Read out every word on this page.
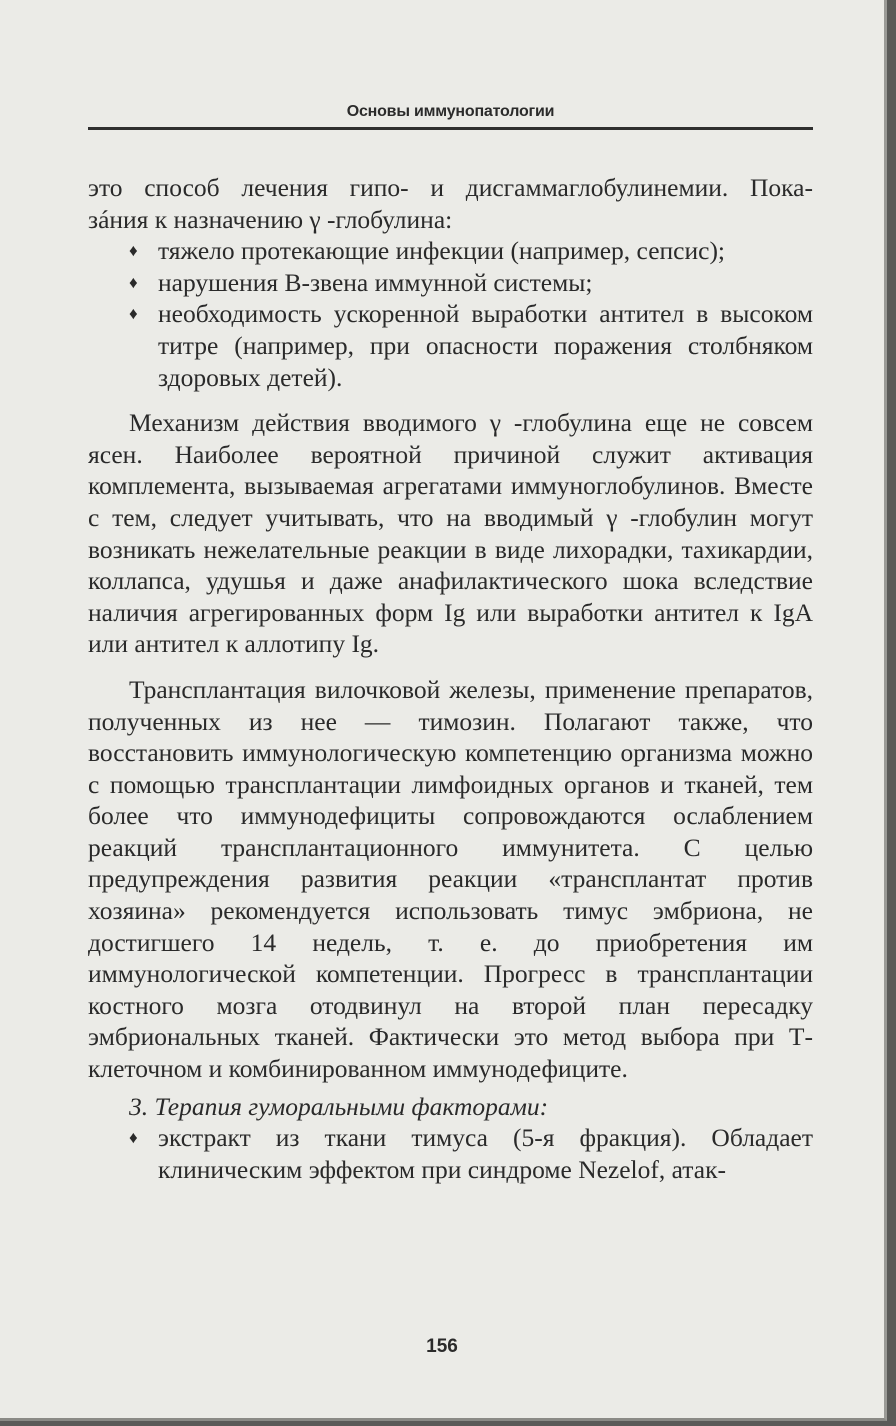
Основы иммунопатологии

это способ лечения гипо- и дисгаммаглобулинемии. Пока-

зáния к назначению γ -глобулина:

♦ тяжело протекающие инфекции (например, сепсис);
♦ нарушения В-звена иммунной системы;
♦ необходимость ускоренной выработки антител в высоком титре (например, при опасности поражения столбняком здоровых детей).

Механизм действия вводимого γ -глобулина еще не совсем ясен. Наиболее вероятной причиной служит активация комплемента, вызываемая агрегатами иммуноглобулинов. Вместе с тем, следует учитывать, что на вводимый γ -глобулин могут возникать нежелательные реакции в виде лихорадки, тахикардии, коллапса, удушья и даже анафилактического шока вследствие наличия агрегированных форм Ig или выработки антител к IgA или антител к аллотипу Ig.

Трансплантация вилочковой железы, применение препаратов, полученных из нее — тимозин. Полагают также, что восстановить иммунологическую компетенцию организма можно с помощью трансплантации лимфоидных органов и тканей, тем более что иммунодефициты сопровождаются ослаблением реакций трансплантационного иммунитета. С целью предупреждения развития реакции «трансплантат против хозяина» рекомендуется использовать тимус эмбриона, не достигшего 14 недель, т. е. до приобретения им иммунологической компетенции. Прогресс в трансплантации костного мозга отодвинул на второй план пересадку эмбриональных тканей. Фактически это метод выбора при Т-клеточном и комбинированном иммунодефиците.

3. Терапия гуморальными факторами:

♦ экстракт из ткани тимуса (5-я фракция). Обладает клиническим эффектом при синдроме Nezelof, атак-
156
